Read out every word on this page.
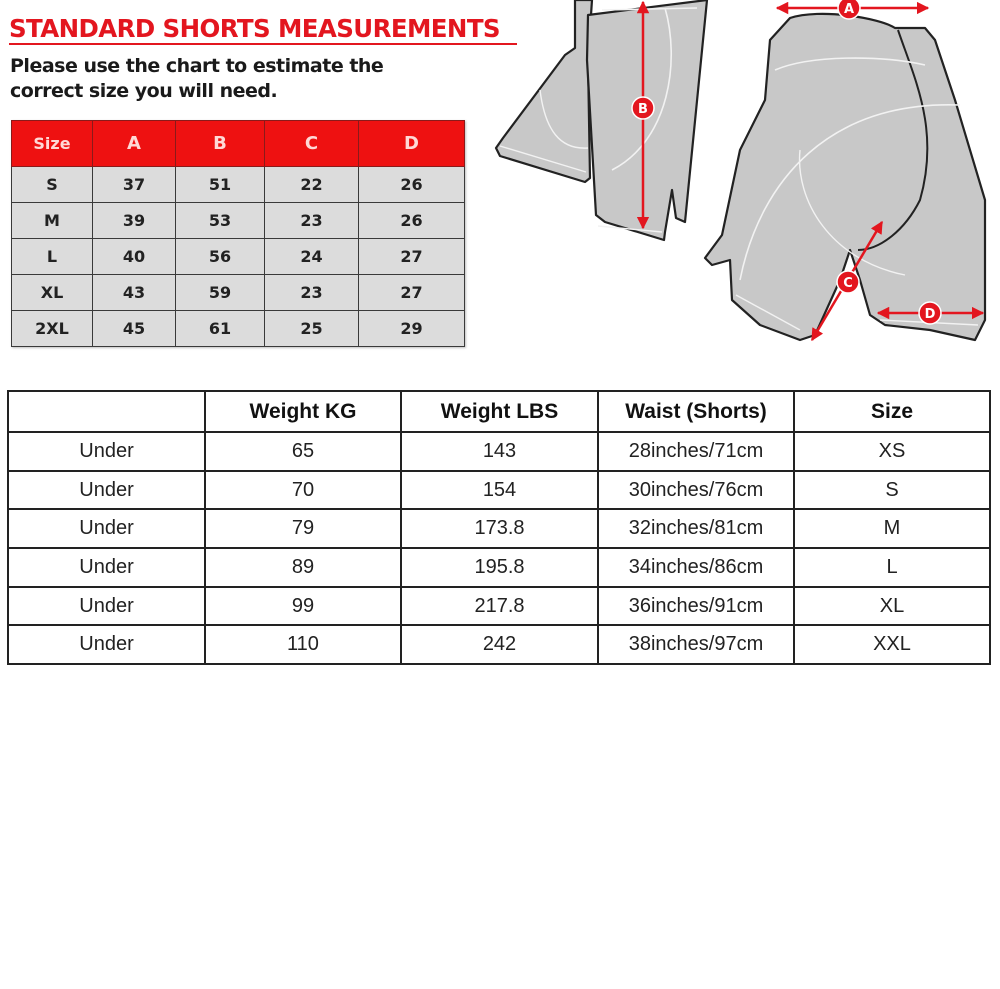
STANDARD SHORTS MEASUREMENTS
Please use the chart to estimate the
correct size you will need.
Size	A	B	C	D
S	37	51	22	26
M	39	53	23	26
L	40	56	24	27
XL	43	59	23	27
2XL	45	61	25	29
A
B
C
D
	Weight KG	Weight LBS	Waist (Shorts)	Size
Under	65	143	28inches/71cm	XS
Under	70	154	30inches/76cm	S
Under	79	173.8	32inches/81cm	M
Under	89	195.8	34inches/86cm	L
Under	99	217.8	36inches/91cm	XL
Under	110	242	38inches/97cm	XXL
